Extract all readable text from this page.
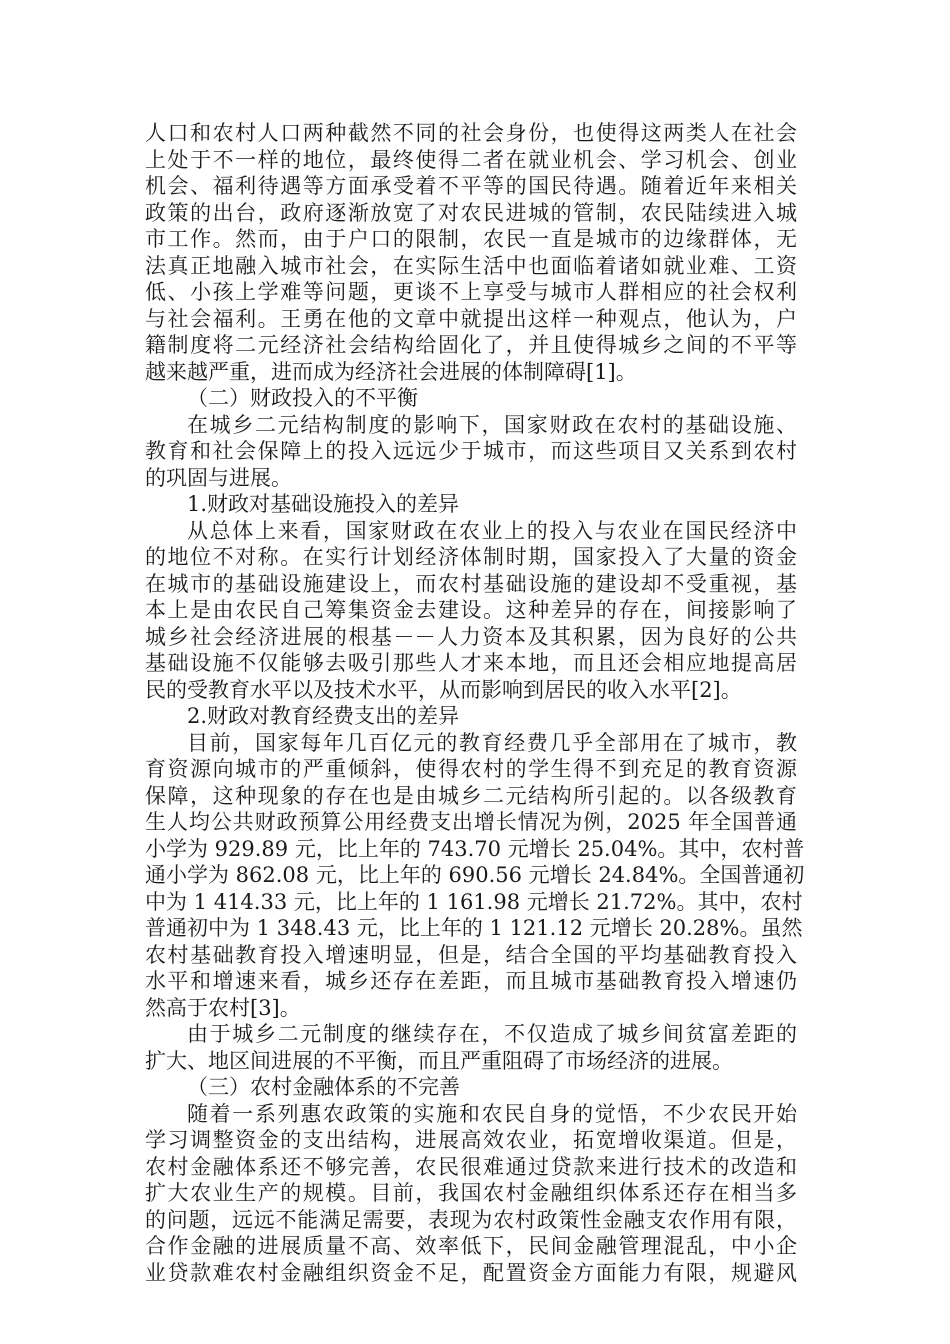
人口和农村人口两种截然不同的社会身份，也使得这两类人在社会
上处于不一样的地位，最终使得二者在就业机会、学习机会、创业
机会、福利待遇等方面承受着不平等的国民待遇。随着近年来相关
政策的出台，政府逐渐放宽了对农民进城的管制，农民陆续进入城
市工作。然而，由于户口的限制，农民一直是城市的边缘群体，无
法真正地融入城市社会，在实际生活中也面临着诸如就业难、工资
低、小孩上学难等问题，更谈不上享受与城市人群相应的社会权利
与社会福利。王勇在他的文章中就提出这样一种观点，他认为，户
籍制度将二元经济社会结构给固化了，并且使得城乡之间的不平等
越来越严重，进而成为经济社会进展的体制障碍[1]。
（二）财政投入的不平衡
在城乡二元结构制度的影响下，国家财政在农村的基础设施、
教育和社会保障上的投入远远少于城市，而这些项目又关系到农村
的巩固与进展。
1.财政对基础设施投入的差异
从总体上来看，国家财政在农业上的投入与农业在国民经济中
的地位不对称。在实行计划经济体制时期，国家投入了大量的资金
在城市的基础设施建设上，而农村基础设施的建设却不受重视，基
本上是由农民自己筹集资金去建设。这种差异的存在，间接影响了
城乡社会经济进展的根基－－人力资本及其积累，因为良好的公共
基础设施不仅能够去吸引那些人才来本地，而且还会相应地提高居
民的受教育水平以及技术水平，从而影响到居民的收入水平[2]。
2.财政对教育经费支出的差异
目前，国家每年几百亿元的教育经费几乎全部用在了城市，教
育资源向城市的严重倾斜，使得农村的学生得不到充足的教育资源
保障，这种现象的存在也是由城乡二元结构所引起的。以各级教育
生人均公共财政预算公用经费支出增长情况为例，2025 年全国普通
小学为 929.89 元，比上年的 743.70 元增长 25.04%。其中，农村普
通小学为 862.08 元，比上年的 690.56 元增长 24.84%。全国普通初
中为 1 414.33 元，比上年的 1 161.98 元增长 21.72%。其中，农村
普通初中为 1 348.43 元，比上年的 1 121.12 元增长 20.28%。虽然
农村基础教育投入增速明显，但是，结合全国的平均基础教育投入
水平和增速来看，城乡还存在差距，而且城市基础教育投入增速仍
然高于农村[3]。
由于城乡二元制度的继续存在，不仅造成了城乡间贫富差距的
扩大、地区间进展的不平衡，而且严重阻碍了市场经济的进展。
（三）农村金融体系的不完善
随着一系列惠农政策的实施和农民自身的觉悟，不少农民开始
学习调整资金的支出结构，进展高效农业，拓宽增收渠道。但是，
农村金融体系还不够完善，农民很难通过贷款来进行技术的改造和
扩大农业生产的规模。目前，我国农村金融组织体系还存在相当多
的问题，远远不能满足需要，表现为农村政策性金融支农作用有限，
合作金融的进展质量不高、效率低下，民间金融管理混乱，中小企
业贷款难农村金融组织资金不足，配置资金方面能力有限，规避风
